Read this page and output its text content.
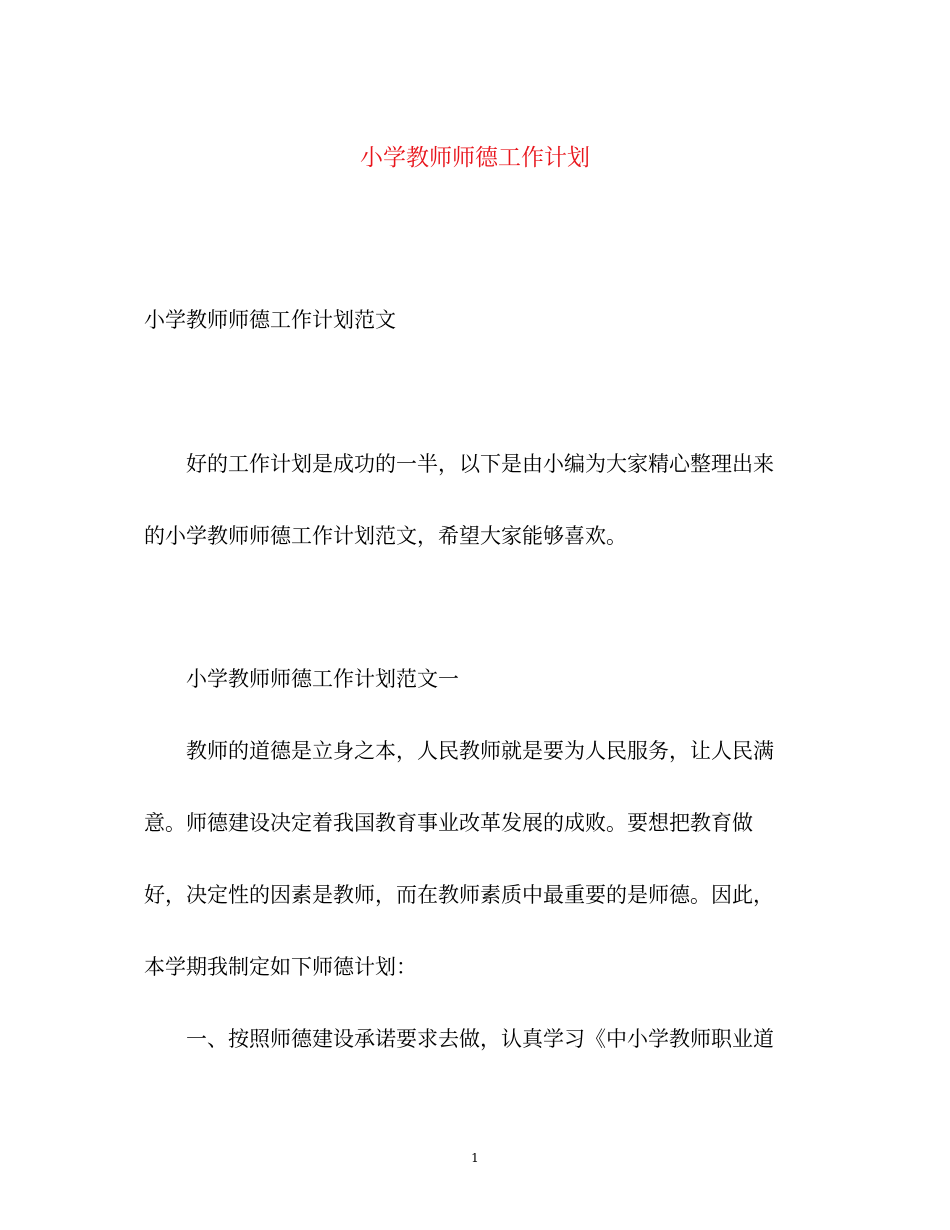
小学教师师德工作计划
小学教师师德工作计划范文
好的工作计划是成功的一半，以下是由小编为大家精心整理出来
的小学教师师德工作计划范文，希望大家能够喜欢。
小学教师师德工作计划范文一
教师的道德是立身之本，人民教师就是要为人民服务，让人民满
意。师德建设决定着我国教育事业改革发展的成败。要想把教育做
好，决定性的因素是教师，而在教师素质中最重要的是师德。因此，
本学期我制定如下师德计划：
一、按照师德建设承诺要求去做，认真学习《中小学教师职业道
1
